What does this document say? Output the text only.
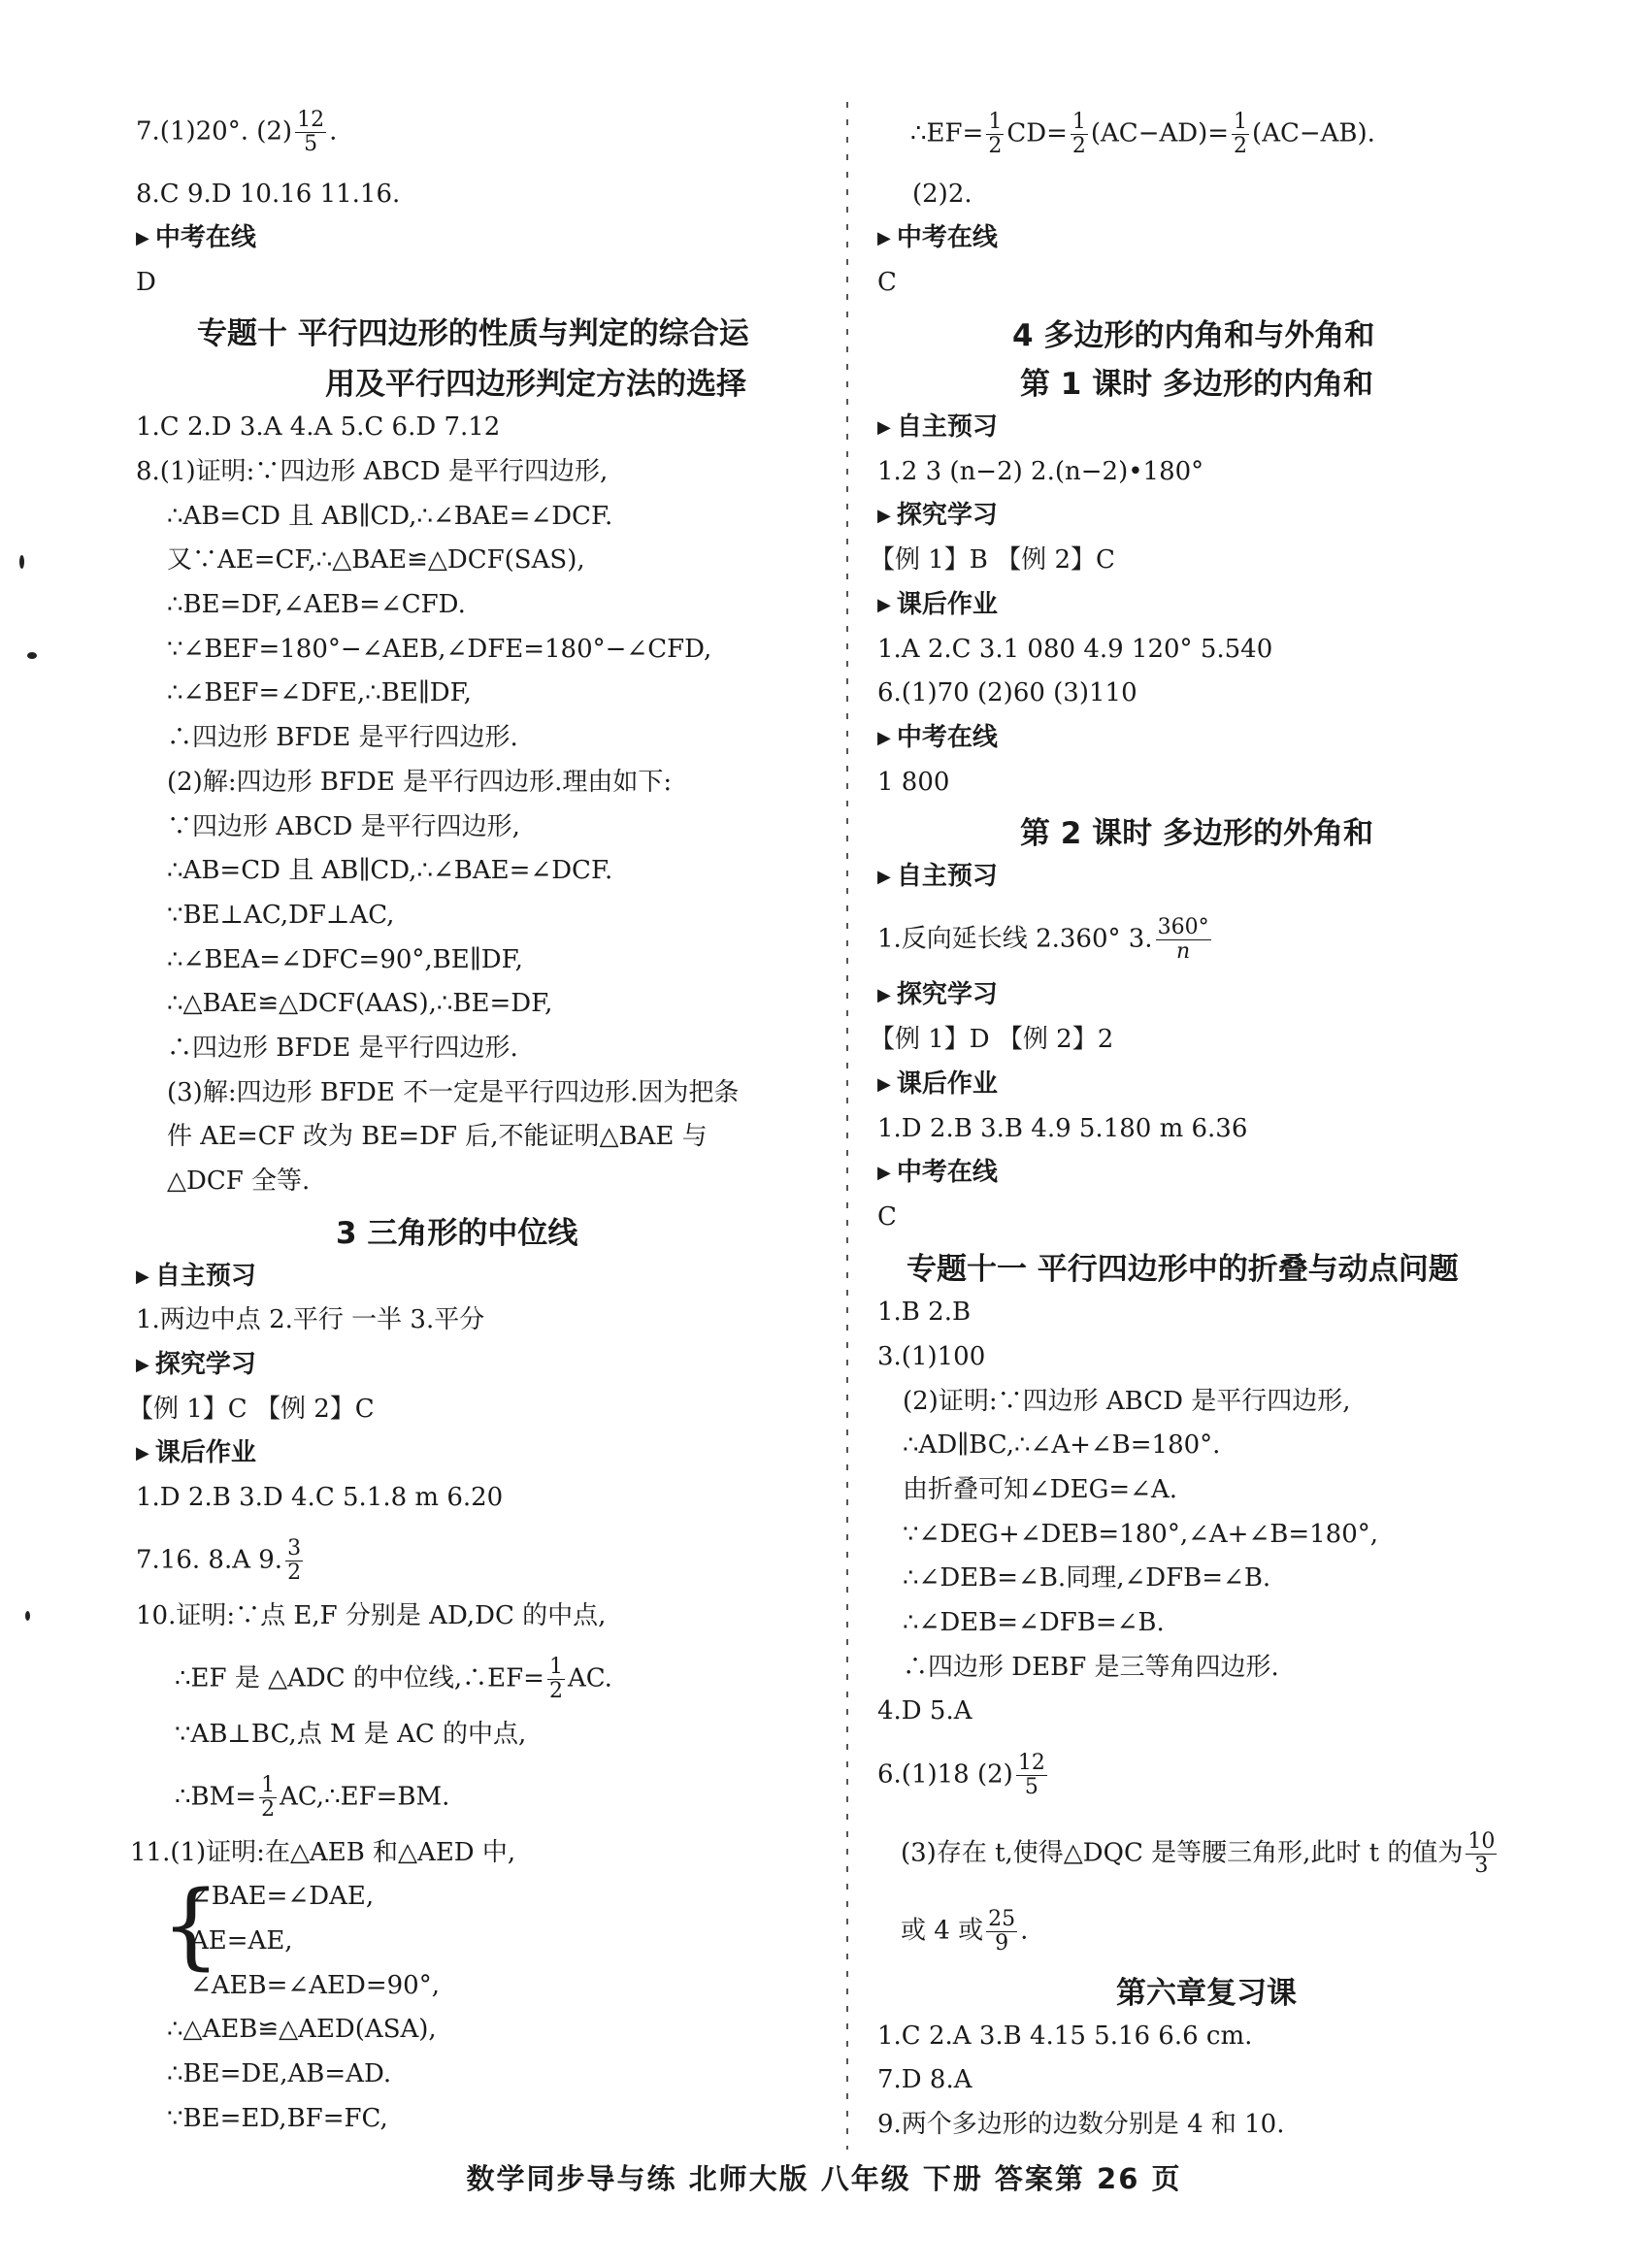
7.(1)20°. $(2) \frac{12}{5}$ .
8.C 9.D 10.16 11.16.
▶ 中考在线
D
专题十 平行四边形的性质与判定的综合运
用及平行四边形判定方法的选择
1.C 2.D 3.A 4.A 5.C 6.D 7.12
8.(1)证明:∵四边形 ABCD 是平行四边形,
∴AB=CD 且 AB∥CD,∴∠BAE=∠DCF.
又∵AE=CF,∴△BAE≌△DCF(SAS),
∴BE=DF,∠AEB=∠CFD.
∵∠BEF=180°−∠AEB,∠DFE=180°−∠CFD,
∴∠BEF=∠DFE,∴BE∥DF,
∴四边形 BFDE 是平行四边形.
(2)解:四边形 BFDE 是平行四边形.理由如下:
∵四边形 ABCD 是平行四边形,
∴AB=CD 且 AB∥CD,∴∠BAE=∠DCF.
∵BE⊥AC,DF⊥AC,
∴∠BEA=∠DFC=90°,BE∥DF,
∴△BAE≌△DCF(AAS),∴BE=DF,
∴四边形 BFDE 是平行四边形.
(3)解:四边形 BFDE 不一定是平行四边形.因为把条
件 AE=CF 改为 BE=DF 后,不能证明△BAE 与
△DCF 全等.
3 三角形的中位线
▶ 自主预习
1.两边中点 2.平行 一半 3.平分
▶ 探究学习
【例 1】C 【例 2】C
▶ 课后作业
1.D 2.B 3.D 4.C 5.1.8 m 6.20
7.16. 8.A 9. $\frac{3}{2}$
10.证明:∵点 E,F 分别是 AD,DC 的中点,
∴EF 是 △ADC 的中位线,∴EF= $\frac{1}{2}$ AC.
∵AB⊥BC,点 M 是 AC 的中点,
∴BM= $\frac{1}{2}$ AC,∴EF=BM.
11.(1)证明:在△AEB 和△AED 中,
{
∠BAE=∠DAE,
AE=AE,
∠AEB=∠AED=90°,
∴△AEB≌△AED(ASA),
∴BE=DE,AB=AD.
∵BE=ED,BF=FC,
∴EF= $\frac{1}{2} CD= \frac{1}{2} (AC-AD)= \frac{1}{2} (AC-AB)$.
(2)2.
▶ 中考在线
C
4 多边形的内角和与外角和
第 1 课时 多边形的内角和
▶ 自主预习
1.2 3 (n−2) 2.(n−2)•180°
▶ 探究学习
【例 1】B 【例 2】C
▶ 课后作业
1.A 2.C 3.1 080 4.9 120° 5.540
6.(1)70 (2)60 (3)110
▶ 中考在线
1 800
第 2 课时 多边形的外角和
▶ 自主预习
1.反向延长线 2.360° 3. $\frac{360^\circ}{n}$
▶ 探究学习
【例 1】D 【例 2】2
▶ 课后作业
1.D 2.B 3.B 4.9 5.180 m 6.36
▶ 中考在线
C
专题十一 平行四边形中的折叠与动点问题
1.B 2.B
3.(1)100
(2)证明:∵四边形 ABCD 是平行四边形,
∴AD∥BC,∴∠A+∠B=180°.
由折叠可知∠DEG=∠A.
∵∠DEG+∠DEB=180°,∠A+∠B=180°,
∴∠DEB=∠B.同理,∠DFB=∠B.
∴∠DEB=∠DFB=∠B.
∴四边形 DEBF 是三等角四边形.
4.D 5.A
6.(1)18 $(2) \frac{12}{5}$
(3)存在 t,使得△DQC 是等腰三角形,此时 t 的值为 $\frac{10}{3}$
或 4 或 $\frac{25}{9}$ .
第六章复习课
1.C 2.A 3.B 4.15 5.16 6.6 cm.
7.D 8.A
9.两个多边形的边数分别是 4 和 10.
数学同步导与练 北师大版 八年级 下册 答案第 26 页
